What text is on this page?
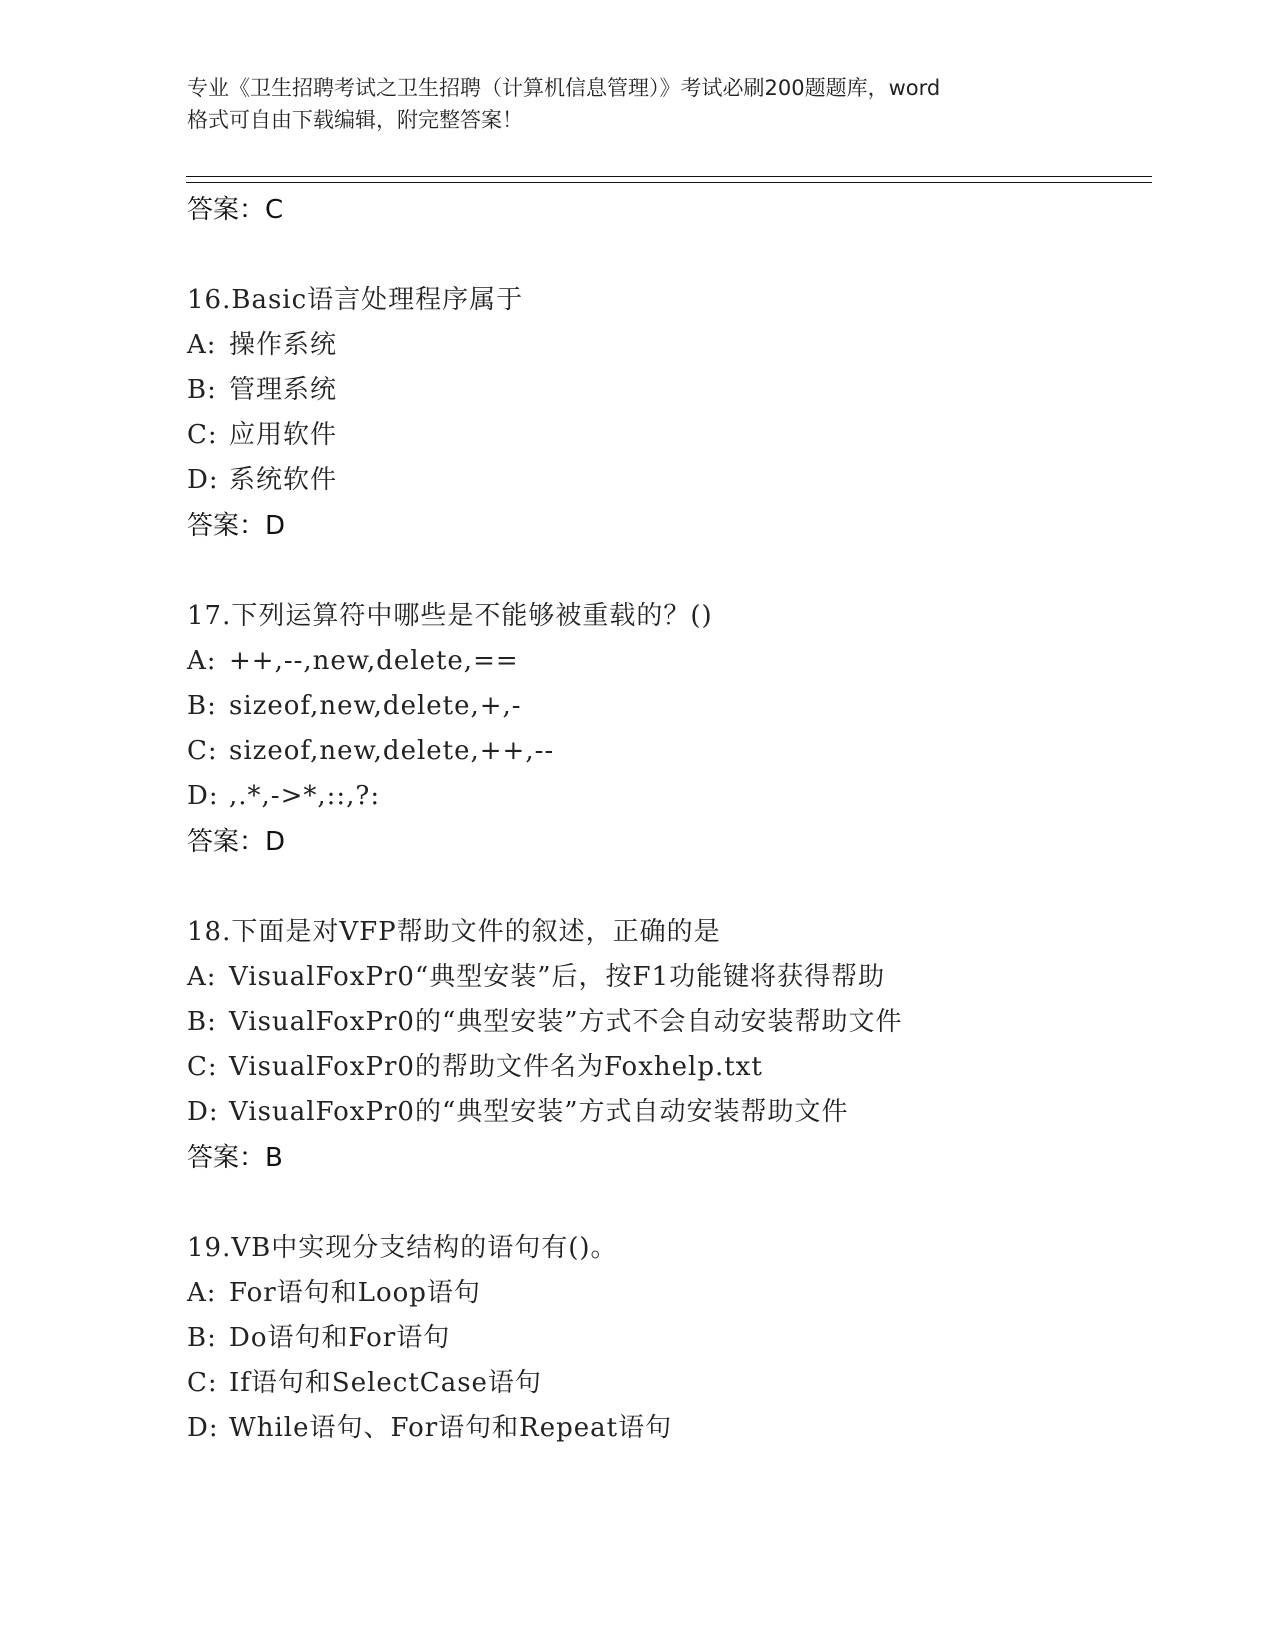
专业《卫生招聘考试之卫生招聘（计算机信息管理）》考试必刷200题题库，word
格式可自由下载编辑，附完整答案！
答案：C
16.Basic语言处理程序属于
A: 操作系统
B: 管理系统
C: 应用软件
D: 系统软件
答案：D
17.下列运算符中哪些是不能够被重载的？()
A: ++,--,new,delete,==
B: sizeof,new,delete,+,-
C: sizeof,new,delete,++,--
D: ,.*,->*,::,?:
答案：D
18.下面是对VFP帮助文件的叙述，正确的是
A: VisualFoxPr0“典型安装”后，按F1功能键将获得帮助
B: VisualFoxPr0的“典型安装”方式不会自动安装帮助文件
C: VisualFoxPr0的帮助文件名为Foxhelp.txt
D: VisualFoxPr0的“典型安装”方式自动安装帮助文件
答案：B
19.VB中实现分支结构的语句有()。
A: For语句和Loop语句
B: Do语句和For语句
C: If语句和SelectCase语句
D: While语句、For语句和Repeat语句
